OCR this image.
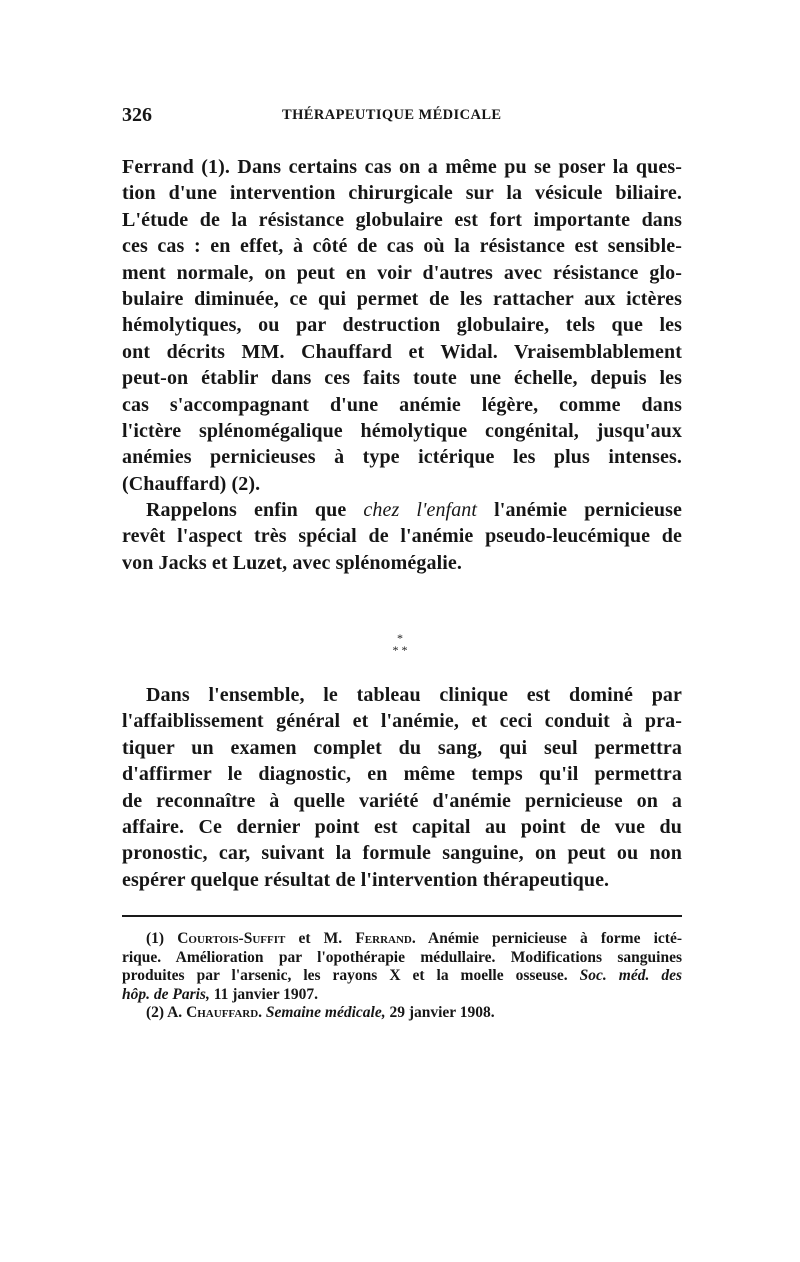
326	THÉRAPEUTIQUE MÉDICALE
Ferrand (1). Dans certains cas on a même pu se poser la ques-
tion d'une intervention chirurgicale sur la vésicule biliaire.
L'étude de la résistance globulaire est fort importante dans
ces cas : en effet, à côté de cas où la résistance est sensible-
ment normale, on peut en voir d'autres avec résistance glo-
bulaire diminuée, ce qui permet de les rattacher aux ictères
hémolytiques, ou par destruction globulaire, tels que les
ont décrits MM. Chauffard et Widal. Vraisemblablement
peut-on établir dans ces faits toute une échelle, depuis les
cas s'accompagnant d'une anémie légère, comme dans
l'ictère splénomégalique hémolytique congénital, jusqu'aux
anémies pernicieuses à type ictérique les plus intenses.
(Chauffard) (2).
Rappelons enfin que chez l'enfant l'anémie pernicieuse
revêt l'aspect très spécial de l'anémie pseudo-leucémique de
von Jacks et Luzet, avec splénomégalie.
*
* *
Dans l'ensemble, le tableau clinique est dominé par
l'affaiblissement général et l'anémie, et ceci conduit à pra-
tiquer un examen complet du sang, qui seul permettra
d'affirmer le diagnostic, en même temps qu'il permettra
de reconnaître à quelle variété d'anémie pernicieuse on a
affaire. Ce dernier point est capital au point de vue du
pronostic, car, suivant la formule sanguine, on peut ou non
espérer quelque résultat de l'intervention thérapeutique.
(1) Courtois-Suffit et M. Ferrand. Anémie pernicieuse à forme icté-
rique. Amélioration par l'opothérapie médullaire. Modifications sanguines
produites par l'arsenic, les rayons X et la moelle osseuse. Soc. méd. des
hôp. de Paris, 11 janvier 1907.
(2) A. Chauffard. Semaine médicale, 29 janvier 1908.
